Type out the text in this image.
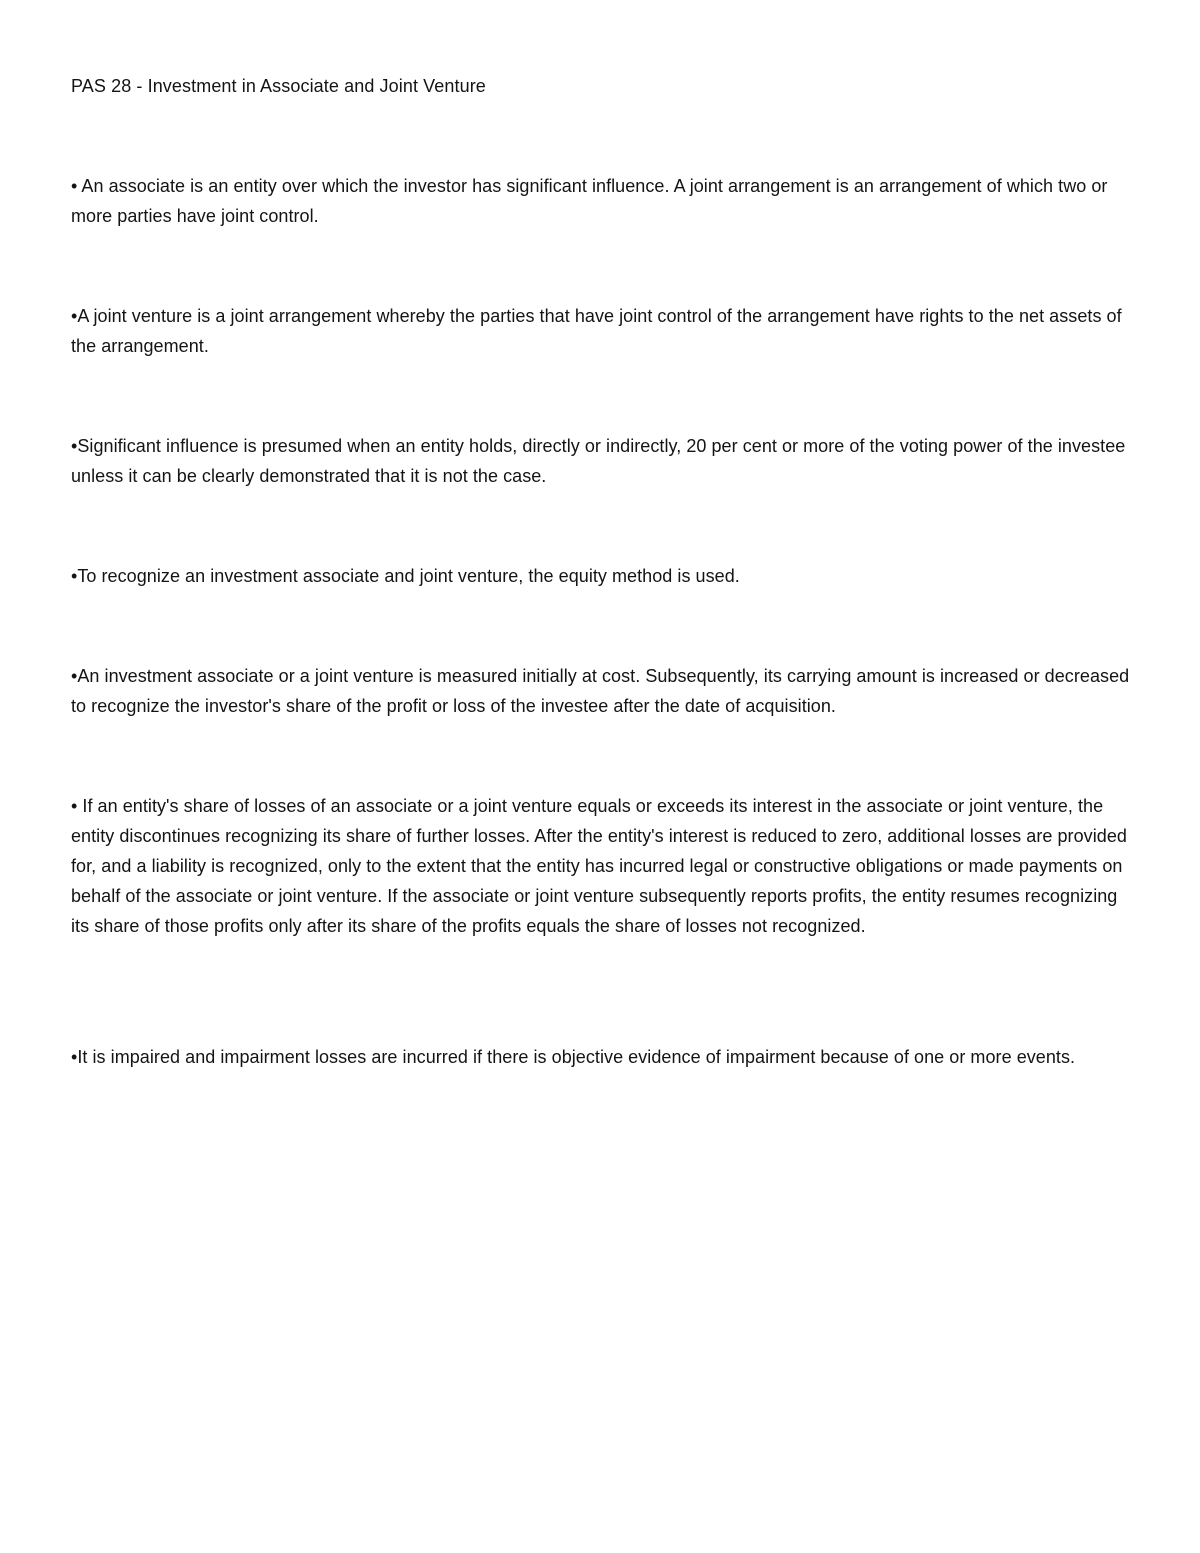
PAS 28 - Investment in Associate and Joint Venture
• An associate is an entity over which the investor has significant influence. A joint arrangement is an arrangement of which two or more parties have joint control.
•A joint venture is a joint arrangement whereby the parties that have joint control of the arrangement have rights to the net assets of the arrangement.
•Significant influence is presumed when an entity holds, directly or indirectly, 20 per cent or more of the voting power of the investee unless it can be clearly demonstrated that it is not the case.
•To recognize an investment associate and joint venture, the equity method is used.
•An investment associate or a joint venture is measured initially at cost. Subsequently, its carrying amount is increased or decreased to recognize the investor's share of the profit or loss of the investee after the date of acquisition.
• If an entity's share of losses of an associate or a joint venture equals or exceeds its interest in the associate or joint venture, the entity discontinues recognizing its share of further losses. After the entity's interest is reduced to zero, additional losses are provided for, and a liability is recognized, only to the extent that the entity has incurred legal or constructive obligations or made payments on behalf of the associate or joint venture. If the associate or joint venture subsequently reports profits, the entity resumes recognizing its share of those profits only after its share of the profits equals the share of losses not recognized.
•It is impaired and impairment losses are incurred if there is objective evidence of impairment because of one or more events.
